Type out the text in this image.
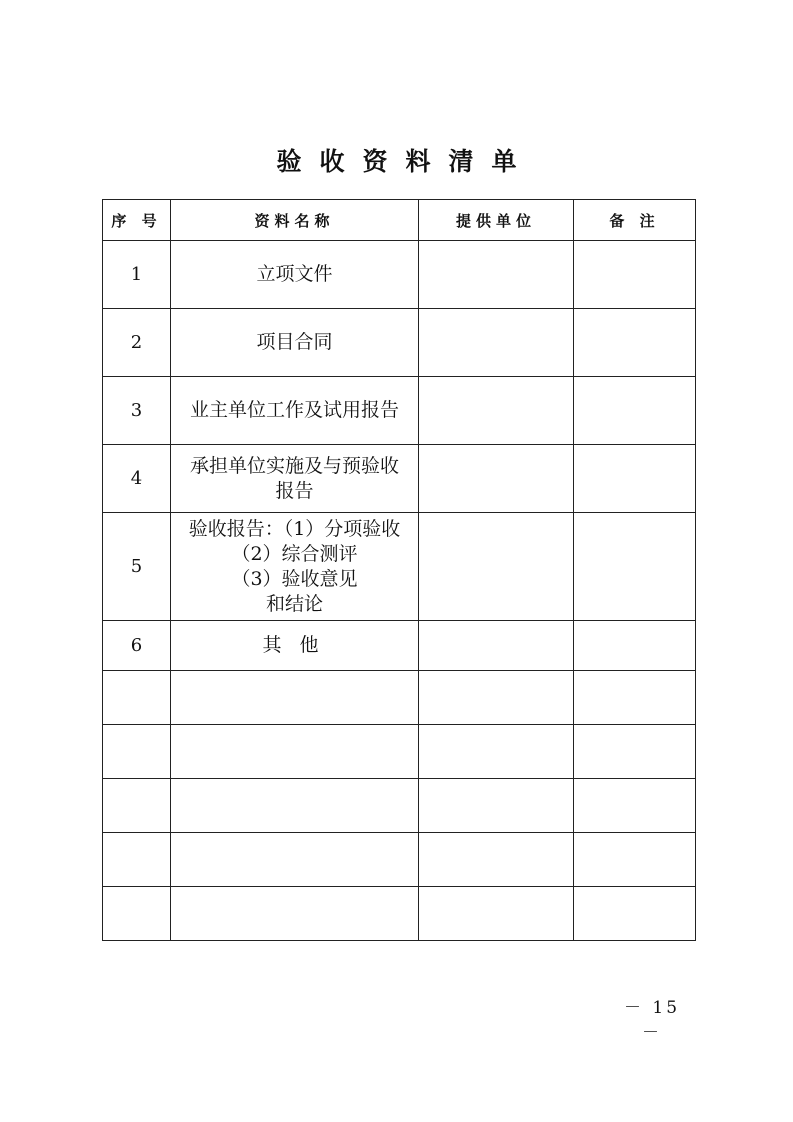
验收资料清单
序 号	资料名称	提供单位	备 注
1	立项文件		
2	项目合同		
3	业主单位工作及试用报告		
4	承担单位实施及与预验收
报告		

5	验收报告：（1）分项验收
（2）综合测评
（3）验收意见
和结论		

6	其他		

－ 15 －
